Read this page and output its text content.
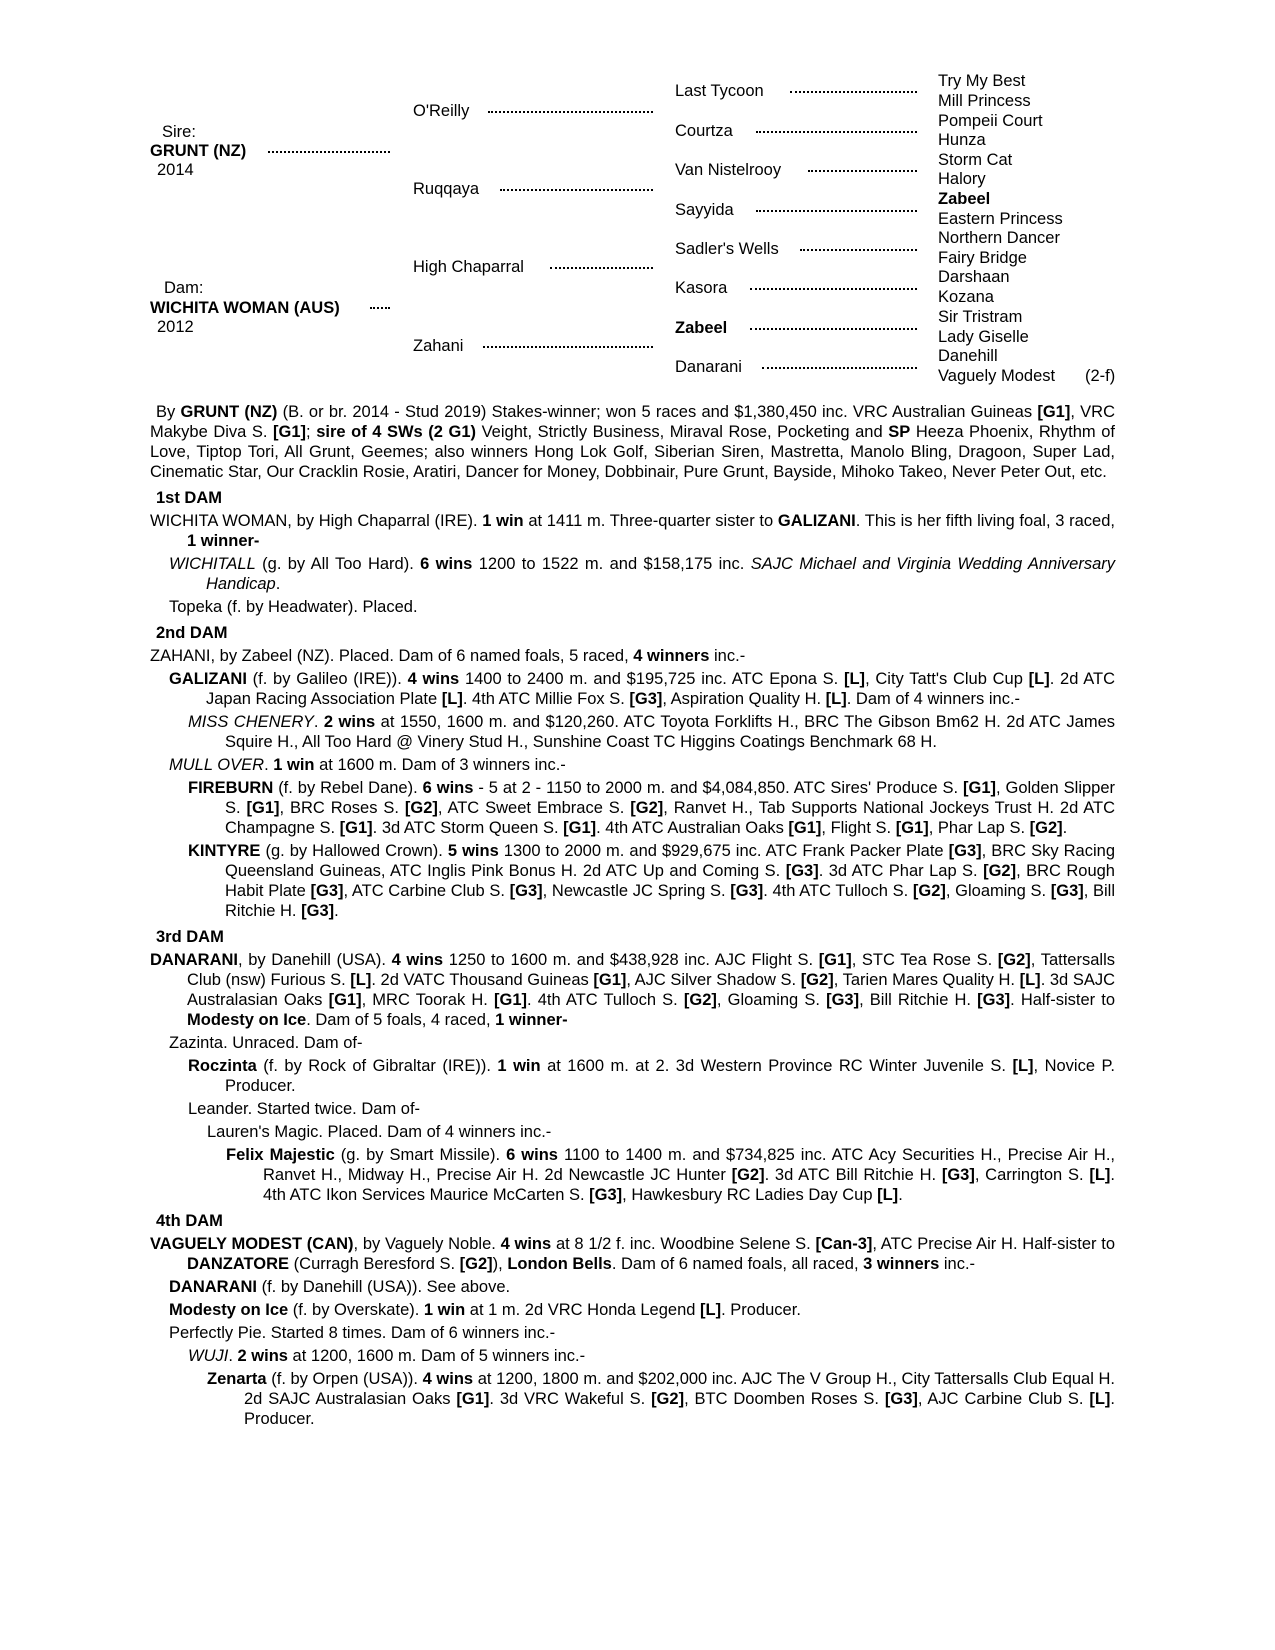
Sire:
GRUNT (NZ)
2014
Dam:
WICHITA WOMAN (AUS)
2012
O'Reilly
Ruqqaya
High Chaparral
Zahani
Last Tycoon
Courtza
Van Nistelrooy
Sayyida
Sadler's Wells
Kasora
Zabeel
Danarani
Try My Best
Mill Princess
Pompeii Court
Hunza
Storm Cat
Halory
Zabeel
Eastern Princess
Northern Dancer
Fairy Bridge
Darshaan
Kozana
Sir Tristram
Lady Giselle
Danehill
Vaguely Modest (2-f)

By GRUNT (NZ) (B. or br. 2014 - Stud 2019) Stakes-winner; won 5 races and $1,380,450 inc. VRC Australian Guineas [G1], VRC Makybe Diva S. [G1]; sire of 4 SWs (2 G1) Veight, Strictly Business, Miraval Rose, Pocketing and SP Heeza Phoenix, Rhythm of Love, Tiptop Tori, All Grunt, Geemes; also winners Hong Lok Golf, Siberian Siren, Mastretta, Manolo Bling, Dragoon, Super Lad, Cinematic Star, Our Cracklin Rosie, Aratiri, Dancer for Money, Dobbinair, Pure Grunt, Bayside, Mihoko Takeo, Never Peter Out, etc.

1st DAM

WICHITA WOMAN, by High Chaparral (IRE). 1 win at 1411 m. Three-quarter sister to GALIZANI. This is her fifth living foal, 3 raced, 1 winner-

WICHITALL (g. by All Too Hard). 6 wins 1200 to 1522 m. and $158,175 inc. SAJC Michael and Virginia Wedding Anniversary Handicap.

Topeka (f. by Headwater). Placed.

2nd DAM

ZAHANI, by Zabeel (NZ). Placed. Dam of 6 named foals, 5 raced, 4 winners inc.-

GALIZANI (f. by Galileo (IRE)). 4 wins 1400 to 2400 m. and $195,725 inc. ATC Epona S. [L], City Tatt's Club Cup [L]. 2d ATC Japan Racing Association Plate [L]. 4th ATC Millie Fox S. [G3], Aspiration Quality H. [L]. Dam of 4 winners inc.-

MISS CHENERY. 2 wins at 1550, 1600 m. and $120,260. ATC Toyota Forklifts H., BRC The Gibson Bm62 H. 2d ATC James Squire H., All Too Hard @ Vinery Stud H., Sunshine Coast TC Higgins Coatings Benchmark 68 H.

MULL OVER. 1 win at 1600 m. Dam of 3 winners inc.-

FIREBURN (f. by Rebel Dane). 6 wins - 5 at 2 - 1150 to 2000 m. and $4,084,850. ATC Sires' Produce S. [G1], Golden Slipper S. [G1], BRC Roses S. [G2], ATC Sweet Embrace S. [G2], Ranvet H., Tab Supports National Jockeys Trust H. 2d ATC Champagne S. [G1]. 3d ATC Storm Queen S. [G1]. 4th ATC Australian Oaks [G1], Flight S. [G1], Phar Lap S. [G2].

KINTYRE (g. by Hallowed Crown). 5 wins 1300 to 2000 m. and $929,675 inc. ATC Frank Packer Plate [G3], BRC Sky Racing Queensland Guineas, ATC Inglis Pink Bonus H. 2d ATC Up and Coming S. [G3]. 3d ATC Phar Lap S. [G2], BRC Rough Habit Plate [G3], ATC Carbine Club S. [G3], Newcastle JC Spring S. [G3]. 4th ATC Tulloch S. [G2], Gloaming S. [G3], Bill Ritchie H. [G3].

3rd DAM

DANARANI, by Danehill (USA). 4 wins 1250 to 1600 m. and $438,928 inc. AJC Flight S. [G1], STC Tea Rose S. [G2], Tattersalls Club (nsw) Furious S. [L]. 2d VATC Thousand Guineas [G1], AJC Silver Shadow S. [G2], Tarien Mares Quality H. [L]. 3d SAJC Australasian Oaks [G1], MRC Toorak H. [G1]. 4th ATC Tulloch S. [G2], Gloaming S. [G3], Bill Ritchie H. [G3]. Half-sister to Modesty on Ice. Dam of 5 foals, 4 raced, 1 winner-

Zazinta. Unraced. Dam of-

Roczinta (f. by Rock of Gibraltar (IRE)). 1 win at 1600 m. at 2. 3d Western Province RC Winter Juvenile S. [L], Novice P. Producer.

Leander. Started twice. Dam of-

Lauren's Magic. Placed. Dam of 4 winners inc.-

Felix Majestic (g. by Smart Missile). 6 wins 1100 to 1400 m. and $734,825 inc. ATC Acy Securities H., Precise Air H., Ranvet H., Midway H., Precise Air H. 2d Newcastle JC Hunter [G2]. 3d ATC Bill Ritchie H. [G3], Carrington S. [L]. 4th ATC Ikon Services Maurice McCarten S. [G3], Hawkesbury RC Ladies Day Cup [L].

4th DAM

VAGUELY MODEST (CAN), by Vaguely Noble. 4 wins at 8 1/2 f. inc. Woodbine Selene S. [Can-3], ATC Precise Air H. Half-sister to DANZATORE (Curragh Beresford S. [G2]), London Bells. Dam of 6 named foals, all raced, 3 winners inc.-

DANARANI (f. by Danehill (USA)). See above.

Modesty on Ice (f. by Overskate). 1 win at 1 m. 2d VRC Honda Legend [L]. Producer.

Perfectly Pie. Started 8 times. Dam of 6 winners inc.-

WUJI. 2 wins at 1200, 1600 m. Dam of 5 winners inc.-

Zenarta (f. by Orpen (USA)). 4 wins at 1200, 1800 m. and $202,000 inc. AJC The V Group H., City Tattersalls Club Equal H. 2d SAJC Australasian Oaks [G1]. 3d VRC Wakeful S. [G2], BTC Doomben Roses S. [G3], AJC Carbine Club S. [L]. Producer.
